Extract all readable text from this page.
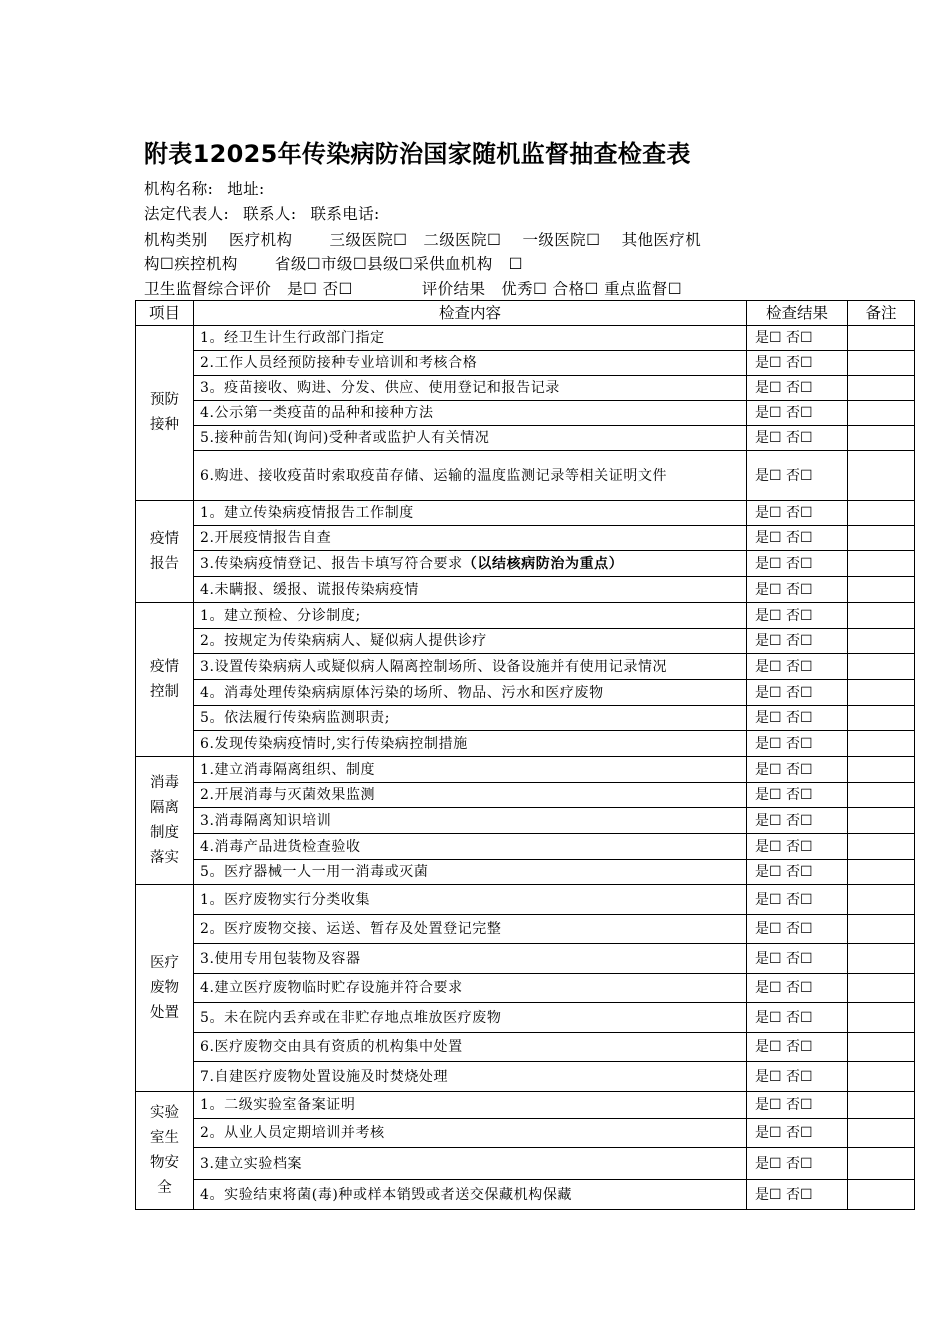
附表12025年传染病防治国家随机监督抽查检查表
机构名称: 地址:
法定代表人: 联系人: 联系电话:
机构类别　 医疗机构　　 三级医院☐　二级医院☐　 一级医院☐　 其他医疗机
构☐疾控机构　　 省级☐市级☐县级☐采供血机构　☐
卫生监督综合评价　是☐ 否☐　　　　 评价结果　优秀☐ 合格☐ 重点监督☐
项目	检查内容	检查结果	备注

预防
接种	1。经卫生计生行政部门指定	是☐ 否☐	
	2.工作人员经预防接种专业培训和考核合格	是☐ 否☐	
	3。疫苗接收、购进、分发、供应、使用登记和报告记录	是☐ 否☐	
	4.公示第一类疫苗的品种和接种方法	是☐ 否☐	
	5.接种前告知(询问)受种者或监护人有关情况	是☐ 否☐	
	6.购进、接收疫苗时索取疫苗存储、运输的温度监测记录等相关证明文件	是☐ 否☐	

疫情
报告	1。建立传染病疫情报告工作制度	是☐ 否☐	
	2.开展疫情报告自查	是☐ 否☐	
	3.传染病疫情登记、报告卡填写符合要求（以结核病防治为重点）	是☐ 否☐	
	4.未瞒报、缓报、谎报传染病疫情	是☐ 否☐	

疫情
控制	1。建立预检、分诊制度;	是☐ 否☐	
	2。按规定为传染病病人、疑似病人提供诊疗	是☐ 否☐	
	3.设置传染病病人或疑似病人隔离控制场所、设备设施并有使用记录情况	是☐ 否☐	
	4。消毒处理传染病病原体污染的场所、物品、污水和医疗废物	是☐ 否☐	
	5。依法履行传染病监测职责;	是☐ 否☐	
	6.发现传染病疫情时,实行传染病控制措施	是☐ 否☐	

消毒
隔离
制度
落实	1.建立消毒隔离组织、制度	是☐ 否☐	
	2.开展消毒与灭菌效果监测	是☐ 否☐	
	3.消毒隔离知识培训	是☐ 否☐	
	4.消毒产品进货检查验收	是☐ 否☐	
	5。医疗器械一人一用一消毒或灭菌	是☐ 否☐	

医疗
废物
处置	1。医疗废物实行分类收集	是☐ 否☐	
	2。医疗废物交接、运送、暂存及处置登记完整	是☐ 否☐	
	3.使用专用包装物及容器	是☐ 否☐	
	4.建立医疗废物临时贮存设施并符合要求	是☐ 否☐	
	5。未在院内丢弃或在非贮存地点堆放医疗废物	是☐ 否☐	
	6.医疗废物交由具有资质的机构集中处置	是☐ 否☐	
	7.自建医疗废物处置设施及时焚烧处理	是☐ 否☐	

实验
室生
物安
全	1。二级实验室备案证明	是☐ 否☐	
	2。从业人员定期培训并考核	是☐ 否☐	
	3.建立实验档案	是☐ 否☐	
	4。实验结束将菌(毒)种或样本销毁或者送交保藏机构保藏	是☐ 否☐	
